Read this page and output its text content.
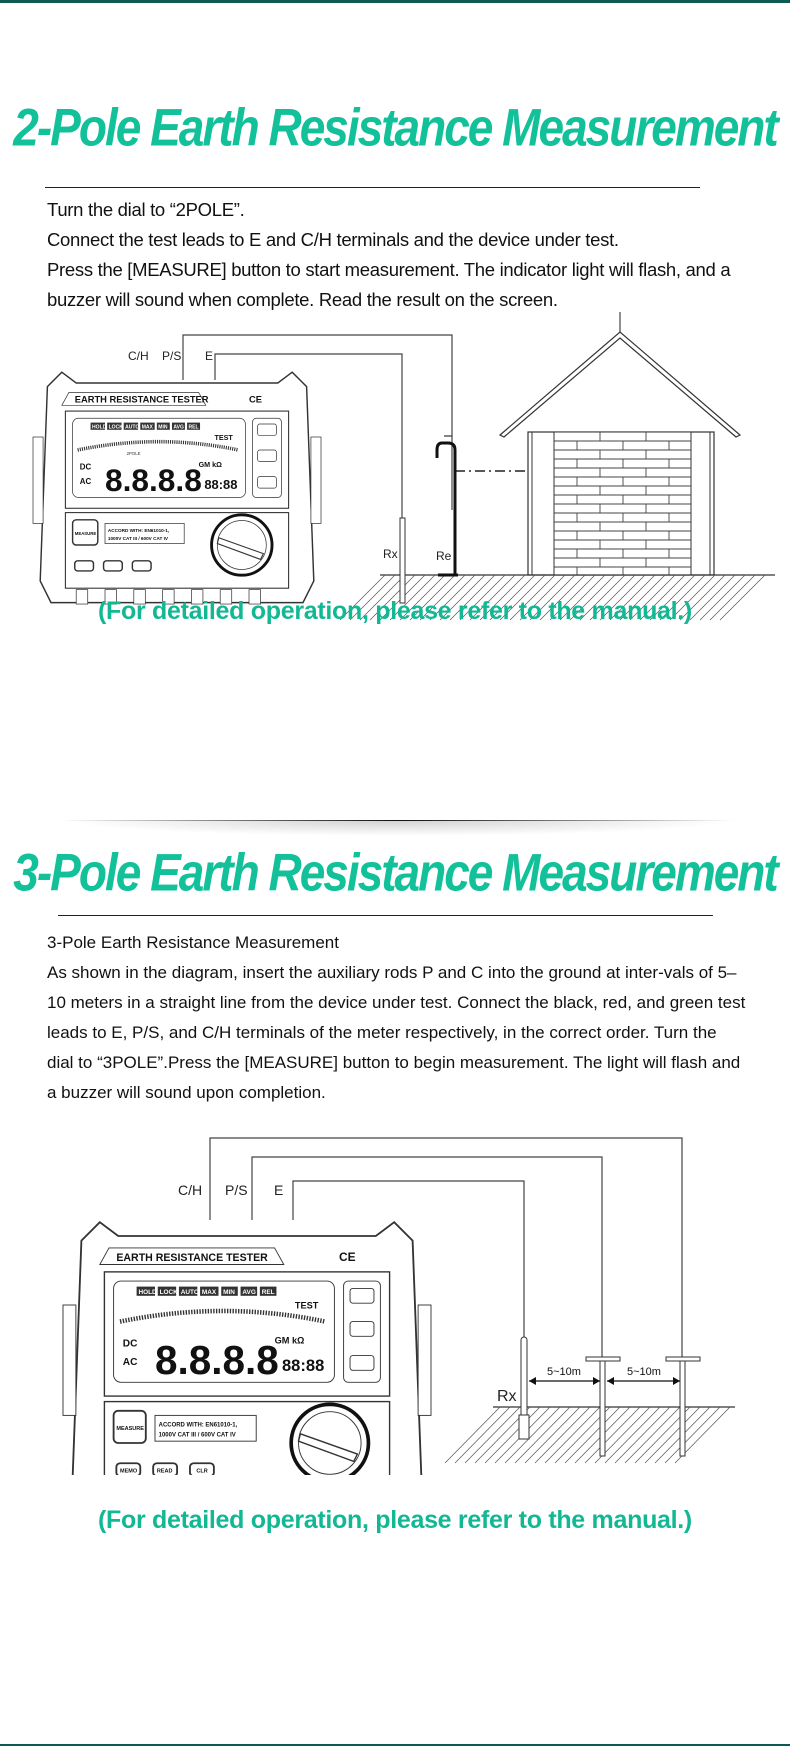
2-Pole Earth Resistance Measurement

Turn the dial to “2POLE”.

Connect the test leads to E and C/H terminals and the device under test.

Press the [MEASURE] button to start measurement. The indicator light will flash, and a buzzer will sound when complete. Read the result on the screen.

Rx	Re
C/H P/S E
EARTH RESISTANCE TESTER	CE
HOLD LOCK AUTO MAX MIN AVG REL
TEST
2POLE
DC
AC 8.8.8.8
GM kΩ
88:88
MEASURE
ACCORD WITH: EN61010-1,
1000V CAT III / 600V CAT IV
(For detailed operation, please refer to the manual.)
3-Pole Earth Resistance Measurement

3-Pole Earth Resistance Measurement

As shown in the diagram, insert the auxiliary rods P and C into the ground at inter-vals of 5–10 meters in a straight line from the device under test. Connect the black, red, and green test leads to E, P/S, and C/H terminals of the meter respectively, in the correct order. Turn the dial to “3POLE”.Press the [MEASURE] button to begin measurement. The light will flash and a buzzer will sound upon completion.

C/H P/S E
Rx
5~10m	5~10m
EARTH RESISTANCE TESTER	CE
HOLD LOCK AUTO MAX MIN AVG REL
TEST
DC
AC 8.8.8.8
GM kΩ
88:88
MEASURE
ACCORD WITH: EN61010-1,
1000V CAT III / 600V CAT IV
MEMO	READ	CLR
(For detailed operation, please refer to the manual.)
